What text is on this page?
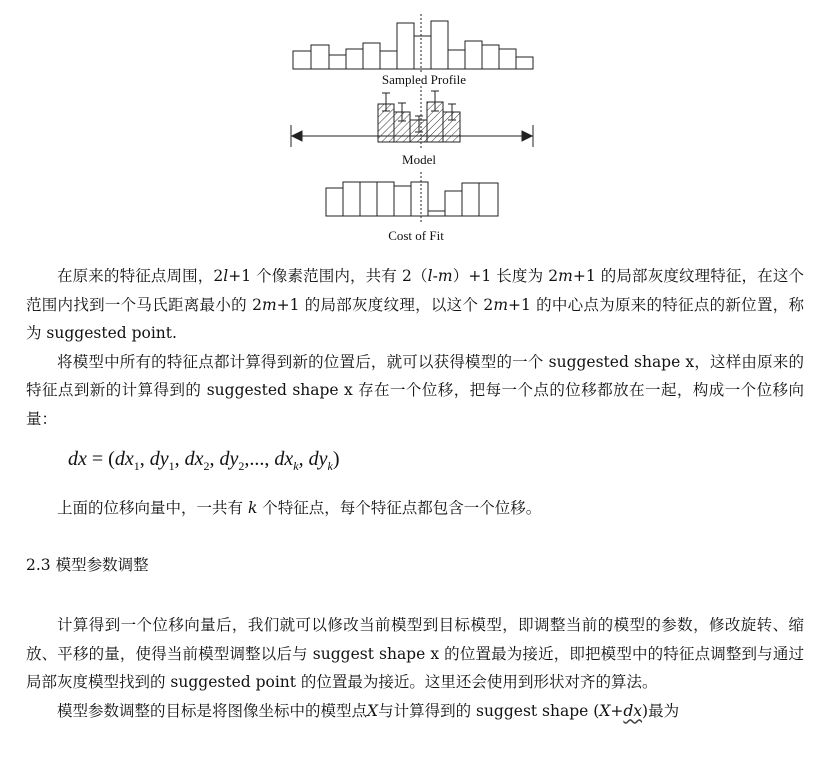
Sampled Profile
Model
Cost of Fit

在原来的特征点周围，2l+1 个像素范围内，共有 2（l-m）+1 长度为 2m+1 的局部灰度纹理特征，在这个范围内找到一个马氏距离最小的 2m+1 的局部灰度纹理，以这个 2m+1 的中心点为原来的特征点的新位置，称为 suggested point.

将模型中所有的特征点都计算得到新的位置后，就可以获得模型的一个 suggested shape x，这样由原来的特征点到新的计算得到的 suggested shape x 存在一个位移，把每一个点的位移都放在一起，构成一个位移向量：

dx = ($dx_1$, $dy_1$, $dx_2$, $dy_2$,..., $dx_k$, $dy_k$)

上面的位移向量中，一共有 k 个特征点，每个特征点都包含一个位移。

2.3 模型参数调整

计算得到一个位移向量后，我们就可以修改当前模型到目标模型，即调整当前的模型的参数，修改旋转、缩放、平移的量，使得当前模型调整以后与 suggest shape x 的位置最为接近，即把模型中的特征点调整到与通过局部灰度模型找到的 suggested point 的位置最为接近。这里还会使用到形状对齐的算法。

模型参数调整的目标是将图像坐标中的模型点X与计算得到的 suggest shape (X+dx)最为
